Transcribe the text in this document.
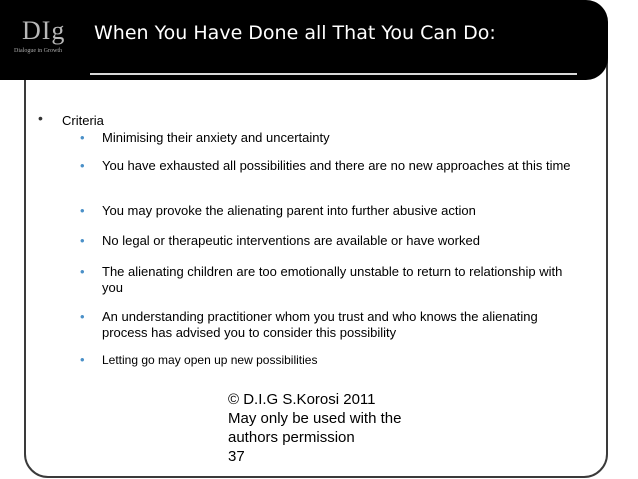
DIg
Dialogue in Growth
When You Have Done all That You Can Do:
• Criteria
• Minimising their anxiety and uncertainty
• You have exhausted all possibilities and there are no new approaches at this time
• You may provoke the alienating parent into further abusive action
• No legal or therapeutic interventions are available or have worked
• The alienating children are too emotionally unstable to return to relationship with you
• An understanding practitioner whom you trust and who knows the alienating process has advised you to consider this possibility
• Letting go may open up new possibilities
© D.I.G S.Korosi 2011
May only be used with the
authors permission
37
